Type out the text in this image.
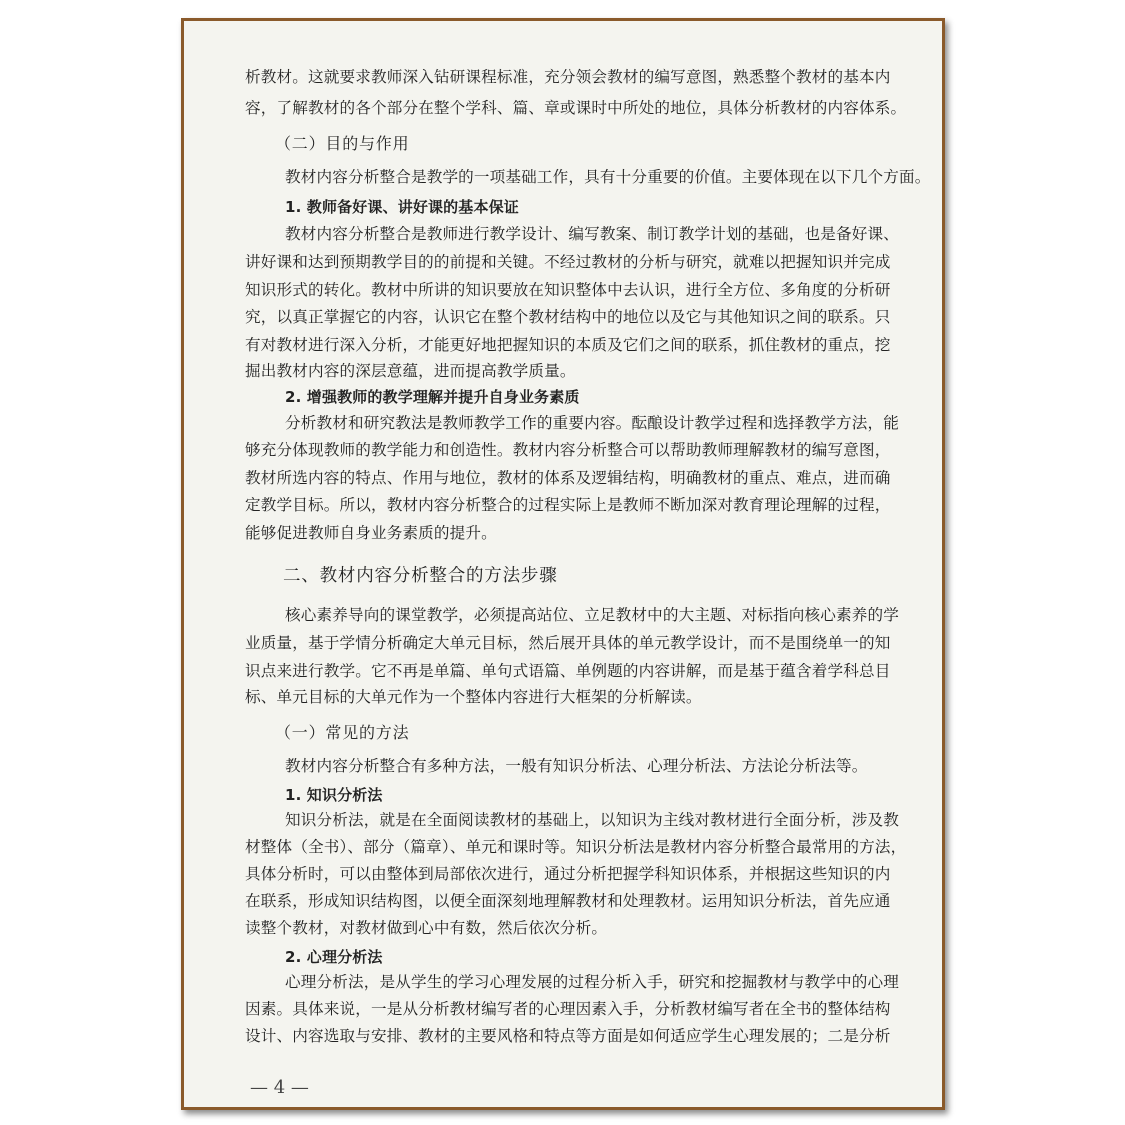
析教材。这就要求教师深入钻研课程标准，充分领会教材的编写意图，熟悉整个教材的基本内
容，了解教材的各个部分在整个学科、篇、章或课时中所处的地位，具体分析教材的内容体系。
（二）目的与作用
教材内容分析整合是教学的一项基础工作，具有十分重要的价值。主要体现在以下几个方面。
1. 教师备好课、讲好课的基本保证
教材内容分析整合是教师进行教学设计、编写教案、制订教学计划的基础，也是备好课、
讲好课和达到预期教学目的的前提和关键。不经过教材的分析与研究，就难以把握知识并完成
知识形式的转化。教材中所讲的知识要放在知识整体中去认识，进行全方位、多角度的分析研
究，以真正掌握它的内容，认识它在整个教材结构中的地位以及它与其他知识之间的联系。只
有对教材进行深入分析，才能更好地把握知识的本质及它们之间的联系，抓住教材的重点，挖
掘出教材内容的深层意蕴，进而提高教学质量。
2. 增强教师的教学理解并提升自身业务素质
分析教材和研究教法是教师教学工作的重要内容。酝酿设计教学过程和选择教学方法，能
够充分体现教师的教学能力和创造性。教材内容分析整合可以帮助教师理解教材的编写意图，
教材所选内容的特点、作用与地位，教材的体系及逻辑结构，明确教材的重点、难点，进而确
定教学目标。所以，教材内容分析整合的过程实际上是教师不断加深对教育理论理解的过程，
能够促进教师自身业务素质的提升。
二、教材内容分析整合的方法步骤
核心素养导向的课堂教学，必须提高站位、立足教材中的大主题、对标指向核心素养的学
业质量，基于学情分析确定大单元目标，然后展开具体的单元教学设计，而不是围绕单一的知
识点来进行教学。它不再是单篇、单句式语篇、单例题的内容讲解，而是基于蕴含着学科总目
标、单元目标的大单元作为一个整体内容进行大框架的分析解读。
（一）常见的方法
教材内容分析整合有多种方法，一般有知识分析法、心理分析法、方法论分析法等。
1. 知识分析法
知识分析法，就是在全面阅读教材的基础上，以知识为主线对教材进行全面分析，涉及教
材整体（全书）、部分（篇章）、单元和课时等。知识分析法是教材内容分析整合最常用的方法，
具体分析时，可以由整体到局部依次进行，通过分析把握学科知识体系，并根据这些知识的内
在联系，形成知识结构图，以便全面深刻地理解教材和处理教材。运用知识分析法，首先应通
读整个教材，对教材做到心中有数，然后依次分析。
2. 心理分析法
心理分析法，是从学生的学习心理发展的过程分析入手，研究和挖掘教材与教学中的心理
因素。具体来说，一是从分析教材编写者的心理因素入手，分析教材编写者在全书的整体结构
设计、内容选取与安排、教材的主要风格和特点等方面是如何适应学生心理发展的；二是分析
— 4 —
